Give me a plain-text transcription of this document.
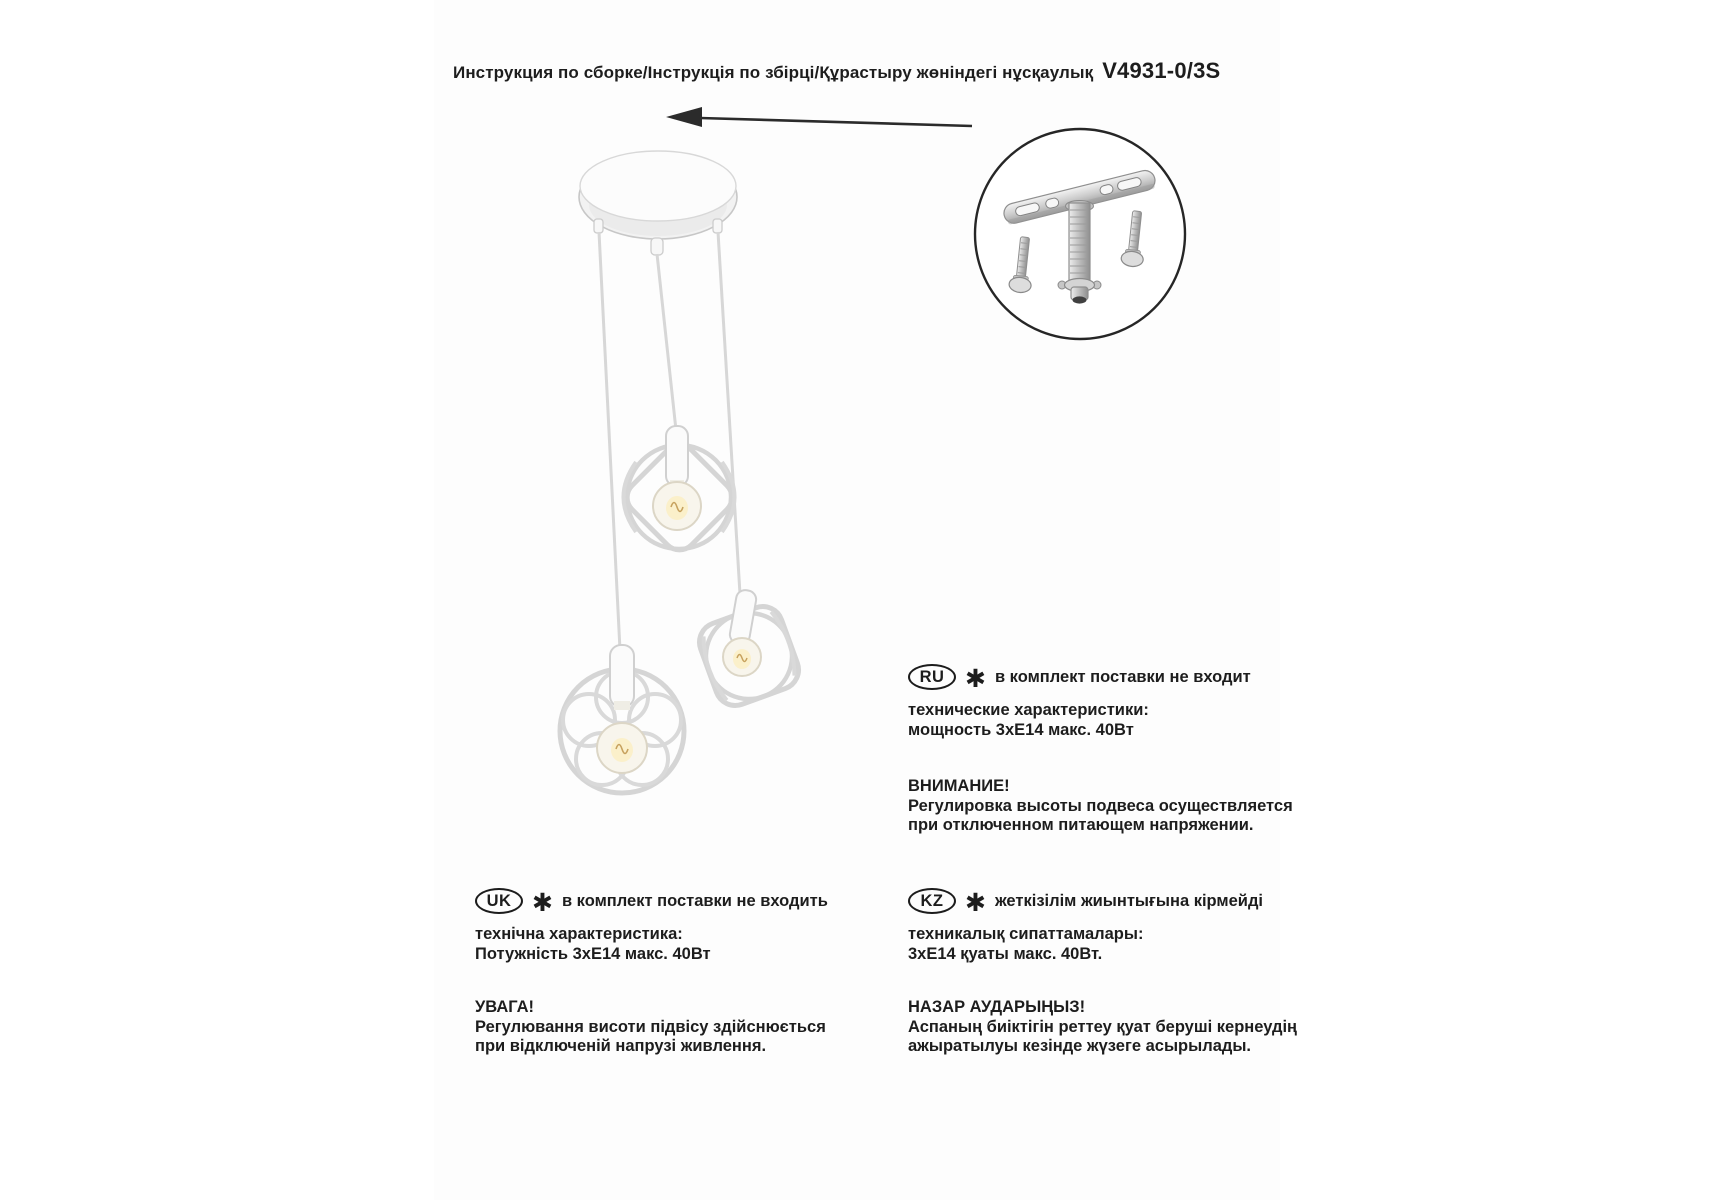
Инструкция по сборке/Інструкція по збірці/Құрастыру жөніндегі нұсқаулық V4931-0/3S
RU ✱ в комплект поставки не входит
технические характеристики:
мощность 3xE14 макс. 40Вт
ВНИМАНИЕ!
Регулировка высоты подвеса осуществляется
при отключенном питающем напряжении.
UK ✱ в комплект поставки не входить
технічна характеристика:
Потужність 3xE14 макс. 40Вт
УВАГА!
Регулювання висоти підвісу здійснюється
при відключеній напрузі живлення.
KZ ✱ жеткізілім жиынтығына кірмейді
техникалық сипаттамалары:
3xE14 қуаты макс. 40Вт.
НАЗАР АУДАРЫҢЫЗ!
Аспаның биіктігін реттеу қуат беруші кернеудің
ажыратылуы кезінде жүзеге асырылады.
